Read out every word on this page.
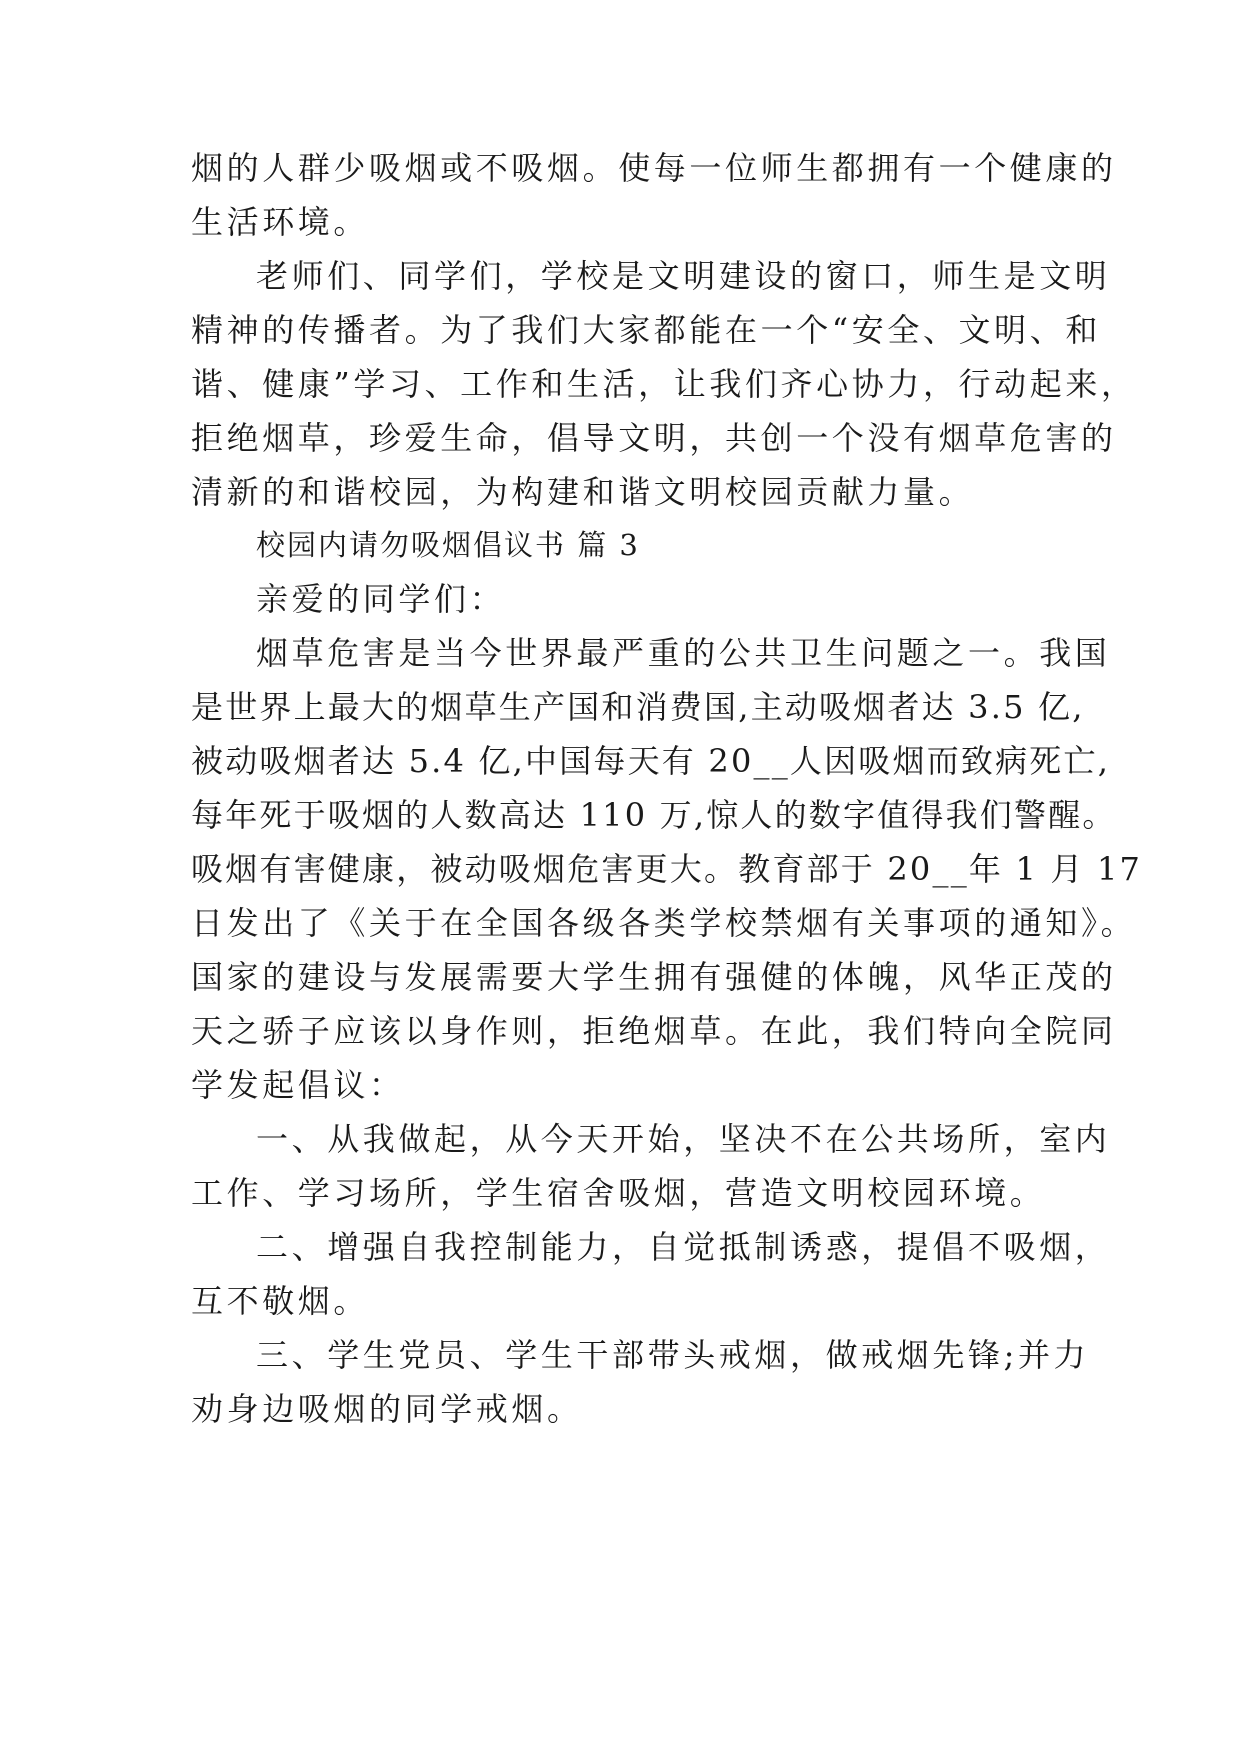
烟的人群少吸烟或不吸烟。使每一位师生都拥有一个健康的
生活环境。
老师们、同学们，学校是文明建设的窗口，师生是文明
精神的传播者。为了我们大家都能在一个“安全、文明、和
谐、健康”学习、工作和生活，让我们齐心协力，行动起来，
拒绝烟草，珍爱生命，倡导文明，共创一个没有烟草危害的
清新的和谐校园，为构建和谐文明校园贡献力量。
校园内请勿吸烟倡议书 篇 3
亲爱的同学们：
烟草危害是当今世界最严重的公共卫生问题之一。我国
是世界上最大的烟草生产国和消费国,主动吸烟者达 3.5 亿,
被动吸烟者达 5.4 亿,中国每天有 20__人因吸烟而致病死亡,
每年死于吸烟的人数高达 110 万,惊人的数字值得我们警醒。
吸烟有害健康，被动吸烟危害更大。教育部于 20__年 1 月 17
日发出了《关于在全国各级各类学校禁烟有关事项的通知》。
国家的建设与发展需要大学生拥有强健的体魄，风华正茂的
天之骄子应该以身作则，拒绝烟草。在此，我们特向全院同
学发起倡议：
一、从我做起，从今天开始，坚决不在公共场所，室内
工作、学习场所，学生宿舍吸烟，营造文明校园环境。
二、增强自我控制能力，自觉抵制诱惑，提倡不吸烟，
互不敬烟。
三、学生党员、学生干部带头戒烟，做戒烟先锋;并力
劝身边吸烟的同学戒烟。
